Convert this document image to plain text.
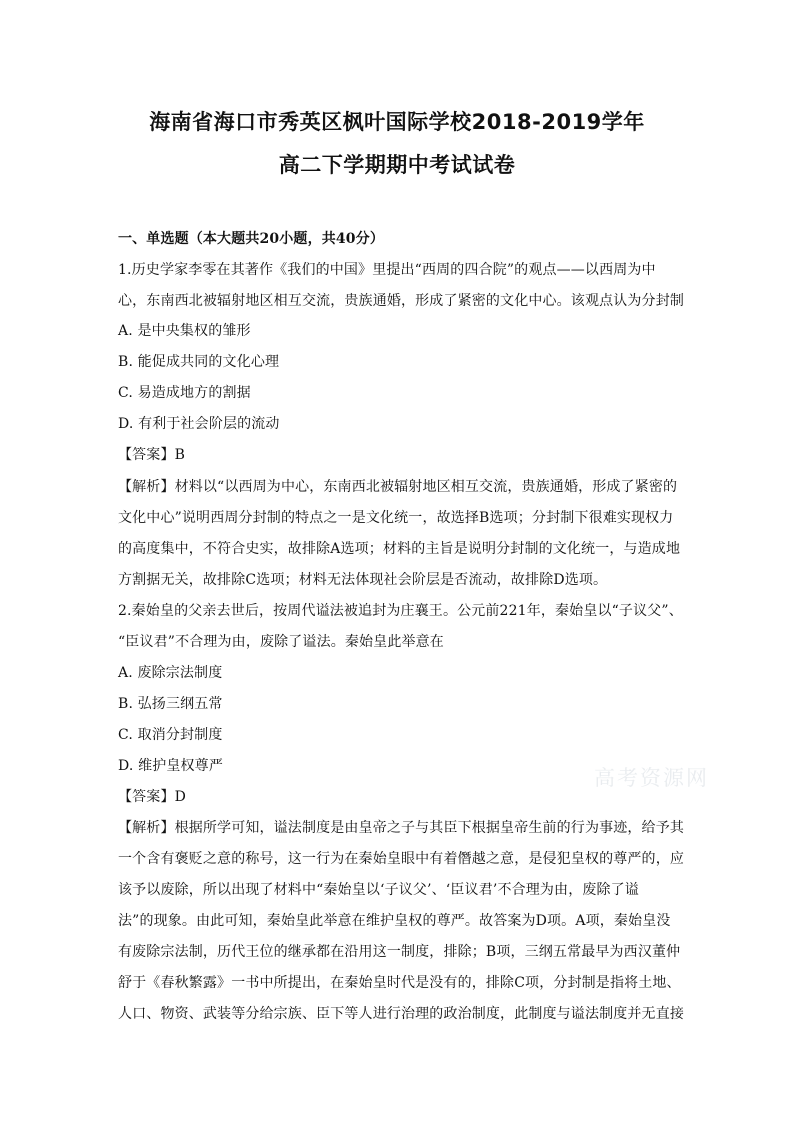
海南省海口市秀英区枫叶国际学校2018-2019学年
高二下学期期中考试试卷
一、单选题（本大题共20小题，共40分）
1.历史学家李零在其著作《我们的中国》里提出“西周的四合院”的观点——以西周为中
心，东南西北被辐射地区相互交流，贵族通婚，形成了紧密的文化中心。该观点认为分封制
A. 是中央集权的雏形
B. 能促成共同的文化心理
C. 易造成地方的割据
D. 有利于社会阶层的流动
【答案】B
【解析】材料以“以西周为中心，东南西北被辐射地区相互交流，贵族通婚，形成了紧密的
文化中心”说明西周分封制的特点之一是文化统一，故选择B选项；分封制下很难实现权力
的高度集中，不符合史实，故排除A选项；材料的主旨是说明分封制的文化统一，与造成地
方割据无关，故排除C选项；材料无法体现社会阶层是否流动，故排除D选项。
2.秦始皇的父亲去世后，按周代谥法被追封为庄襄王。公元前221年，秦始皇以“子议父”、
“臣议君”不合理为由，废除了谥法。秦始皇此举意在
A. 废除宗法制度
B. 弘扬三纲五常
C. 取消分封制度
D. 维护皇权尊严
【答案】D
【解析】根据所学可知，谥法制度是由皇帝之子与其臣下根据皇帝生前的行为事迹，给予其
一个含有褒贬之意的称号，这一行为在秦始皇眼中有着僭越之意，是侵犯皇权的尊严的，应
该予以废除，所以出现了材料中“秦始皇以‘子议父’、‘臣议君’不合理为由，废除了谥
法”的现象。由此可知，秦始皇此举意在维护皇权的尊严。故答案为D项。A项，秦始皇没
有废除宗法制，历代王位的继承都在沿用这一制度，排除；B项，三纲五常最早为西汉董仲
舒于《春秋繁露》一书中所提出，在秦始皇时代是没有的，排除C项，分封制是指将土地、
人口、物资、武装等分给宗族、臣下等人进行治理的政治制度，此制度与谥法制度并无直接
高考资源网
